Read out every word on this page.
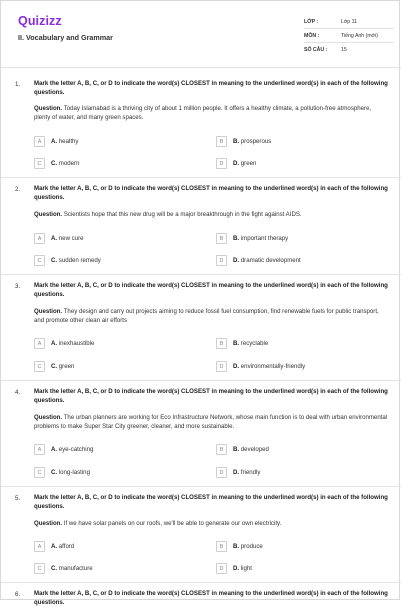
Quizizz
II. Vocabulary and Grammar
LỚP :	Lớp 11
MÔN :	Tiếng Anh (mới)
SỐ CÂU :	15
1. Mark the letter A, B, C, or D to indicate the word(s) CLOSEST in meaning to the underlined word(s) in each of the following questions.
Question. Today Islamabad is a thriving city of about 1 million people. It offers a healthy climate, a pollution-free atmosphere, plenty of water, and many green spaces.
A	A. healthy	B	B. prosperous
C	C. modern	D	D. green
2. Mark the letter A, B, C, or D to indicate the word(s) CLOSEST in meaning to the underlined word(s) in each of the following questions.
Question. Scientists hope that this new drug will be a major breakthrough in the fight against AIDS.
A	A. new cure	B	B. important therapy
C	C. sudden remedy	D	D. dramatic development
3. Mark the letter A, B, C, or D to indicate the word(s) CLOSEST in meaning to the underlined word(s) in each of the following questions.
Question. They design and carry out projects aiming to reduce fossil fuel consumption, find renewable fuels for public transport, and promote other clean air efforts
A	A. inexhaustible	B	B. recyclable
C	C. green	D	D. environmentally-friendly
4. Mark the letter A, B, C, or D to indicate the word(s) CLOSEST in meaning to the underlined word(s) in each of the following questions.
Question. The urban planners are working for Eco Infrastructure Network, whose main function is to deal with urban environmental problems to make Super Star City greener, cleaner, and more sustainable.
A	A. eye-catching	B	B. developed
C	C. long-lasting	D	D. friendly
5. Mark the letter A, B, C, or D to indicate the word(s) CLOSEST in meaning to the underlined word(s) in each of the following questions.
Question. If we have solar panels on our roofs, we'll be able to generate our own electricity.
A	A. afford	B	B. produce
C	C. manufacture	D	D. light
6. Mark the letter A, B, C, or D to indicate the word(s) CLOSEST in meaning to the underlined word(s) in each of the following questions.
